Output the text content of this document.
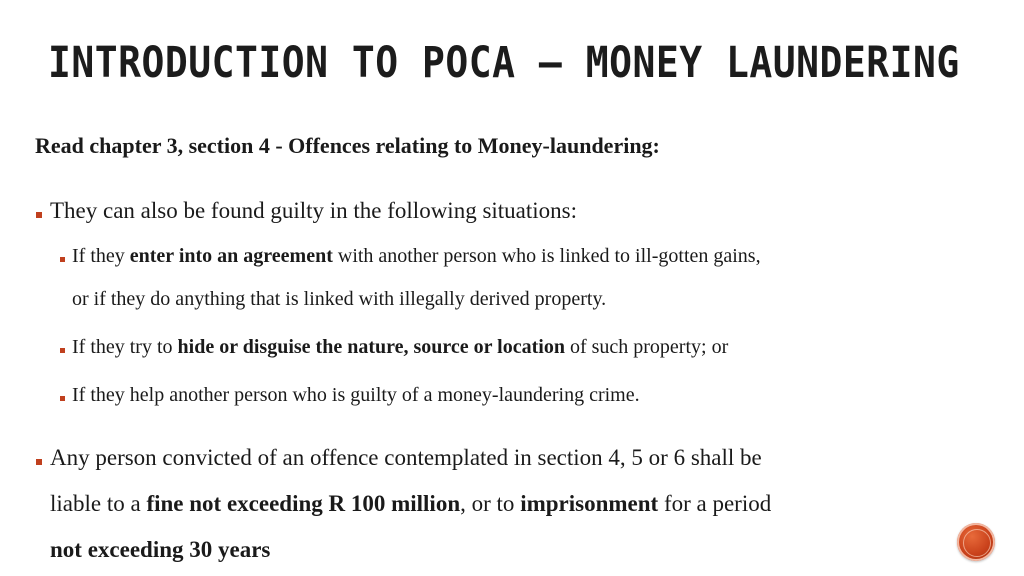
INTRODUCTION TO POCA – MONEY LAUNDERING
Read chapter 3, section 4 - Offences relating to Money-laundering:
They can also be found guilty in the following situations:
If they enter into an agreement with another person who is linked to ill-gotten gains,
or if they do anything that is linked with illegally derived property.
If they try to hide or disguise the nature, source or location of such property; or
If they help another person who is guilty of a money-laundering crime.
Any person convicted of an offence contemplated in section 4, 5 or 6 shall be
liable to a fine not exceeding R 100 million, or to imprisonment for a period
not exceeding 30 years
